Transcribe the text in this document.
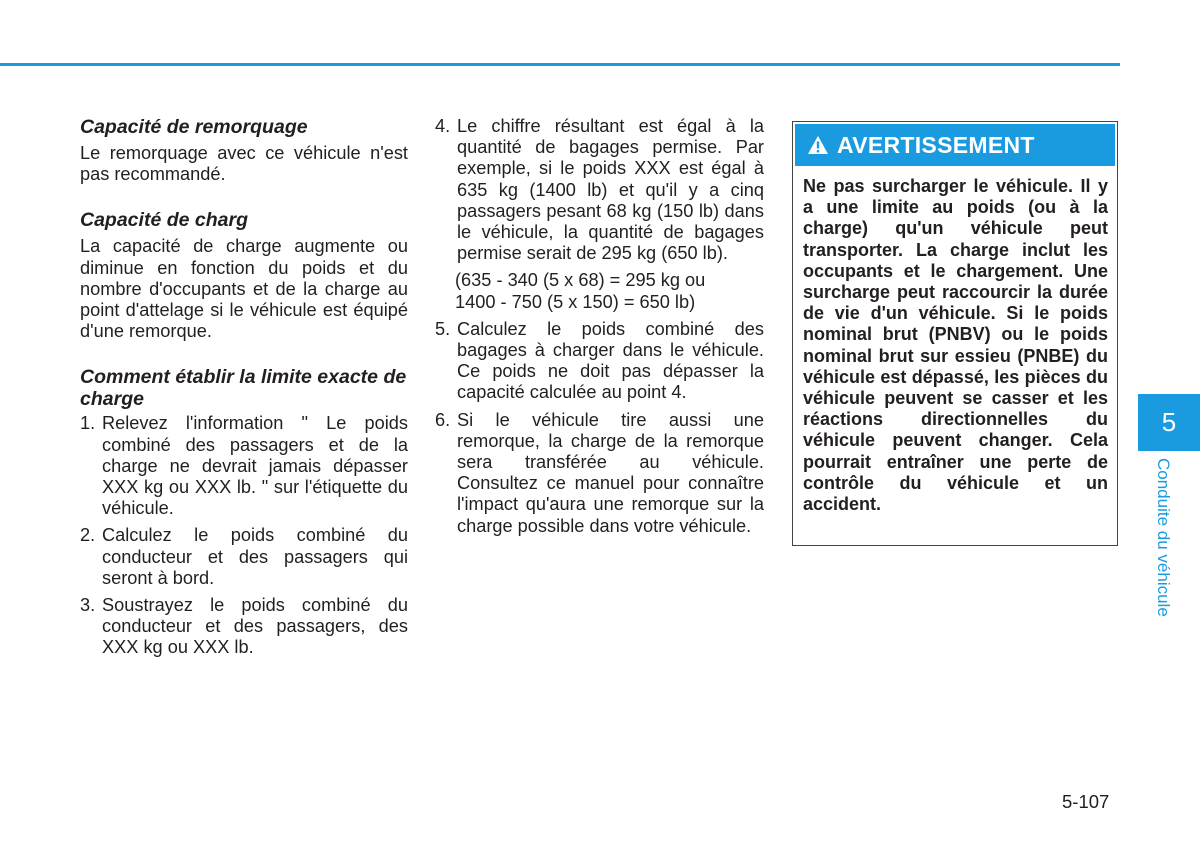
Capacité de remorquage

Le remorquage avec ce véhicule n'est pas recommandé.

Capacité de charg

La capacité de charge augmente ou diminue en fonction du poids et du nombre d'occupants et de la charge au point d'attelage si le véhicule est équipé d'une remorque.

Comment établir la limite exacte de charge
1. Relevez l'information " Le poids combiné des passagers et de la charge ne devrait jamais dépasser XXX kg ou XXX lb. " sur l'étiquette du véhicule.
2. Calculez le poids combiné du conducteur et des passagers qui seront à bord.
3. Soustrayez le poids combiné du conducteur et des passagers, des XXX kg ou XXX lb.
4. Le chiffre résultant est égal à la quantité de bagages permise. Par exemple, si le poids XXX est égal à 635 kg (1400 lb) et qu'il y a cinq passagers pesant 68 kg (150 lb) dans le véhicule, la quantité de bagages permise serait de 295 kg (650 lb).
(635 - 340 (5 x 68) = 295 kg ou
1400 - 750 (5 x 150) = 650 lb)
5. Calculez le poids combiné des bagages à charger dans le véhicule. Ce poids ne doit pas dépasser la capacité calculée au point 4.
6. Si le véhicule tire aussi une remorque, la charge de la remorque sera transférée au véhicule. Consultez ce manuel pour connaître l'impact qu'aura une remorque sur la charge possible dans votre véhicule.
AVERTISSEMENT
Ne pas surcharger le véhicule. Il y a une limite au poids (ou à la charge) qu'un véhicule peut transporter. La charge inclut les occupants et le chargement. Une surcharge peut raccourcir la durée de vie d'un véhicule. Si le poids nominal brut (PNBV) ou le poids nominal brut sur essieu (PNBE) du véhicule est dépassé, les pièces du véhicule peuvent se casser et les réactions directionnelles du véhicule peuvent changer. Cela pourrait entraîner une perte de contrôle du véhicule et un accident.
5
Conduite du véhicule
5-107
